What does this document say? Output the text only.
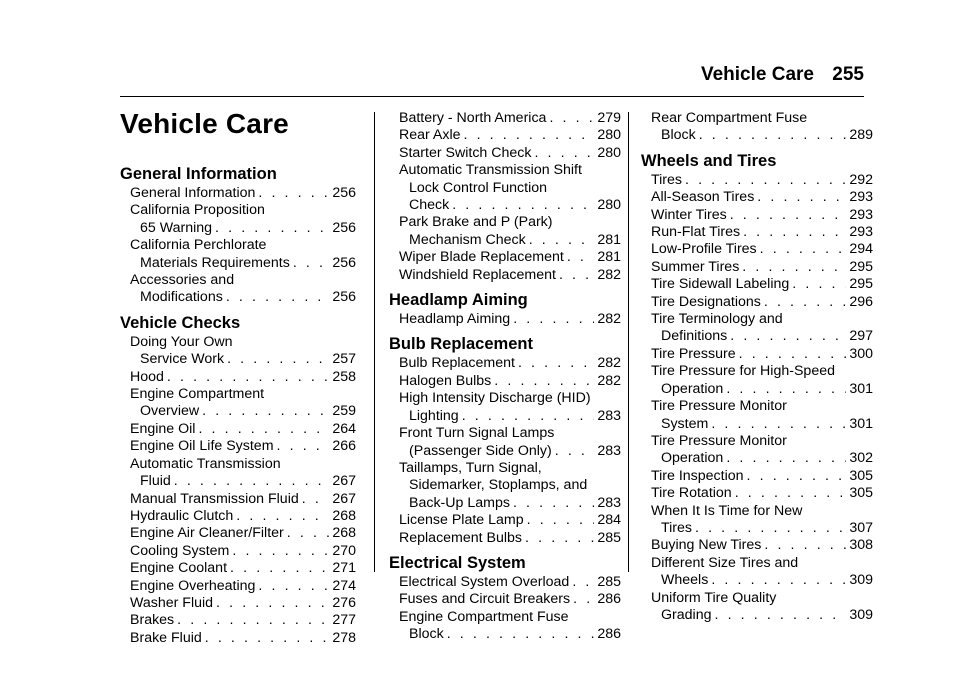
Vehicle Care 255
Vehicle Care
General Information
General Information . . .	256
California Proposition
65 Warning . . .	256
California Perchlorate
Materials Requirements . . .	256
Accessories and
Modifications . . .	256
Vehicle Checks
Doing Your Own
Service Work . . .	257
Hood . . .	258
Engine Compartment
Overview . . .	259
Engine Oil . . .	264
Engine Oil Life System . . .	266
Automatic Transmission
Fluid . . .	267
Manual Transmission Fluid . . . 267
Hydraulic Clutch . . .	268
Engine Air Cleaner/Filter . . .	268
Cooling System . . .	270
Engine Coolant . . .	271
Engine Overheating . . .	274
Washer Fluid . . .	276
Brakes . . .	277
Brake Fluid . . .	278
Battery - North America . . .	279
Rear Axle . . .	280
Starter Switch Check . . .	280
Automatic Transmission Shift
Lock Control Function
Check . . .	280
Park Brake and P (Park)
Mechanism Check . . .	281
Wiper Blade Replacement . . . 281
Windshield Replacement . . .	282
Headlamp Aiming
Headlamp Aiming . . .	282
Bulb Replacement
Bulb Replacement . . .	282
Halogen Bulbs . . .	282
High Intensity Discharge (HID)
Lighting . . .	283
Front Turn Signal Lamps
(Passenger Side Only) . . .	283
Taillamps, Turn Signal,
Sidemarker, Stoplamps, and
Back-Up Lamps . . .	283
License Plate Lamp . . .	284
Replacement Bulbs . . .	285
Electrical System
Electrical System Overload . . . 285
Fuses and Circuit Breakers . . . 286
Engine Compartment Fuse
Block . . .	286
Rear Compartment Fuse
Block . . .	289
Wheels and Tires
Tires . . .	292
All-Season Tires . . .	293
Winter Tires . . .	293
Run-Flat Tires . . .	293
Low-Profile Tires . . .	294
Summer Tires . . .	295
Tire Sidewall Labeling . . .	295
Tire Designations . . .	296
Tire Terminology and
Definitions . . .	297
Tire Pressure . . .	300
Tire Pressure for High-Speed
Operation . . .	301
Tire Pressure Monitor
System . . .	301
Tire Pressure Monitor
Operation . . .	302
Tire Inspection . . .	305
Tire Rotation . . .	305
When It Is Time for New
Tires . . .	307
Buying New Tires . . .	308
Different Size Tires and
Wheels . . .	309
Uniform Tire Quality
Grading . . .	309
